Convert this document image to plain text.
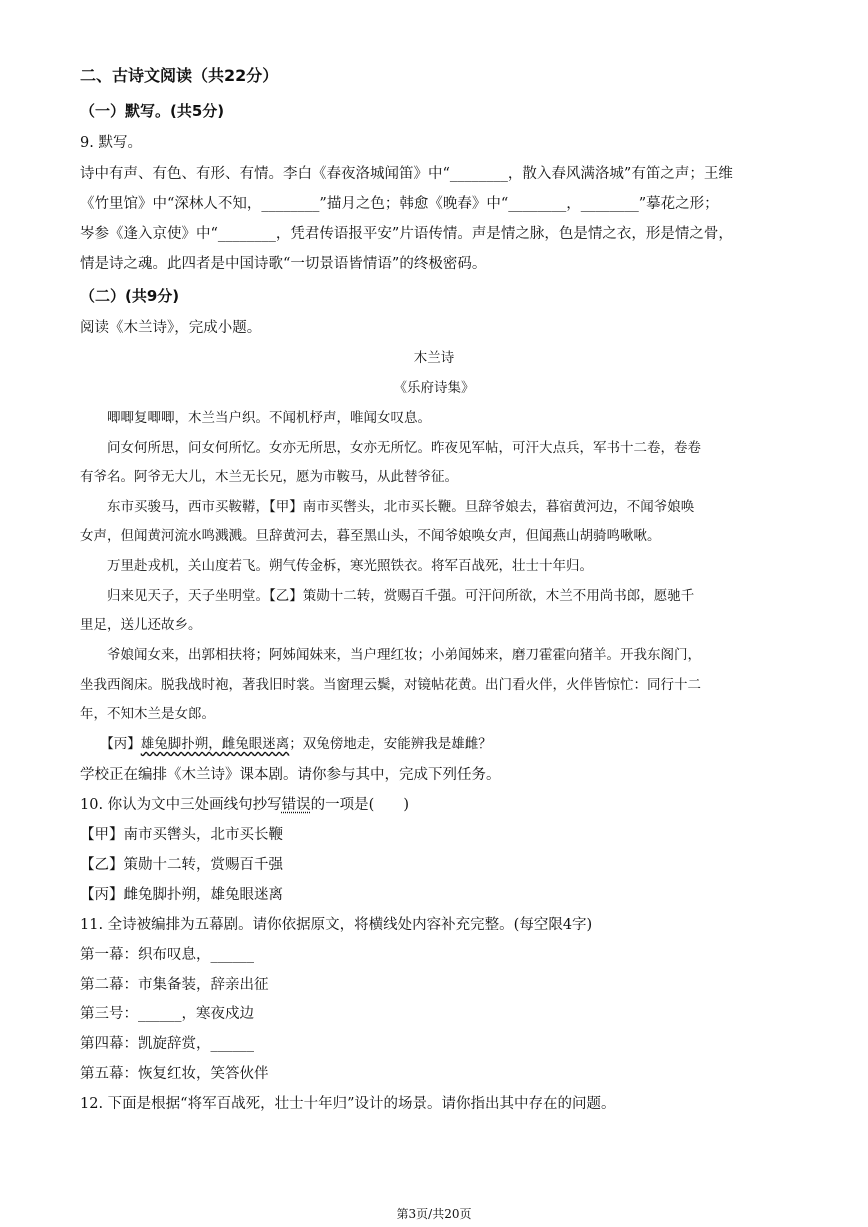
二、古诗文阅读（共22分）
（一）默写。(共5分)
9. 默写。
诗中有声、有色、有形、有情。李白《春夜洛城闻笛》中“________，散入春风满洛城”有笛之声；王维
《竹里馆》中“深林人不知，________”描月之色；韩愈《晚春》中“________，________”摹花之形；
岑参《逢入京使》中“________，凭君传语报平安”片语传情。声是情之脉，色是情之衣，形是情之骨，
情是诗之魂。此四者是中国诗歌“一切景语皆情语”的终极密码。
（二）(共9分)
阅读《木兰诗》，完成小题。
木兰诗
《乐府诗集》
　　唧唧复唧唧，木兰当户织。不闻机杼声，唯闻女叹息。
　　问女何所思，问女何所忆。女亦无所思，女亦无所忆。昨夜见军帖，可汗大点兵，军书十二卷，卷卷
有爷名。阿爷无大儿，木兰无长兄，愿为市鞍马，从此替爷征。
　　东市买骏马，西市买鞍鞯，【甲】南市买辔头，北市买长鞭。旦辞爷娘去，暮宿黄河边，不闻爷娘唤
女声，但闻黄河流水鸣溅溅。旦辞黄河去，暮至黑山头，不闻爷娘唤女声，但闻燕山胡骑鸣啾啾。
　　万里赴戎机，关山度若飞。朔气传金柝，寒光照铁衣。将军百战死，壮士十年归。
　　归来见天子，天子坐明堂。【乙】策勋十二转，赏赐百千强。可汗问所欲，木兰不用尚书郎，愿驰千
里足，送儿还故乡。
　　爷娘闻女来，出郭相扶将；阿姊闻妹来，当户理红妆；小弟闻姊来，磨刀霍霍向猪羊。开我东阁门，
坐我西阁床。脱我战时袍，著我旧时裳。当窗理云鬓，对镜帖花黄。出门看火伴，火伴皆惊忙：同行十二
年，不知木兰是女郎。
　　【丙】雄兔脚扑朔，雌兔眼迷离；双兔傍地走，安能辨我是雄雌？
学校正在编排《木兰诗》课本剧。请你参与其中，完成下列任务。
10. 你认为文中三处画线句抄写错误的一项是(　　)
【甲】南市买辔头，北市买长鞭
【乙】策勋十二转，赏赐百千强
【丙】雌兔脚扑朔，雄兔眼迷离
11. 全诗被编排为五幕剧。请你依据原文，将横线处内容补充完整。(每空限4字)
第一幕：织布叹息，______
第二幕：市集备装，辞亲出征
第三号：______，寒夜戍边
第四幕：凯旋辞赏，______
第五幕：恢复红妆，笑答伙伴
12. 下面是根据“将军百战死，壮士十年归”设计的场景。请你指出其中存在的问题。
第3页/共20页
